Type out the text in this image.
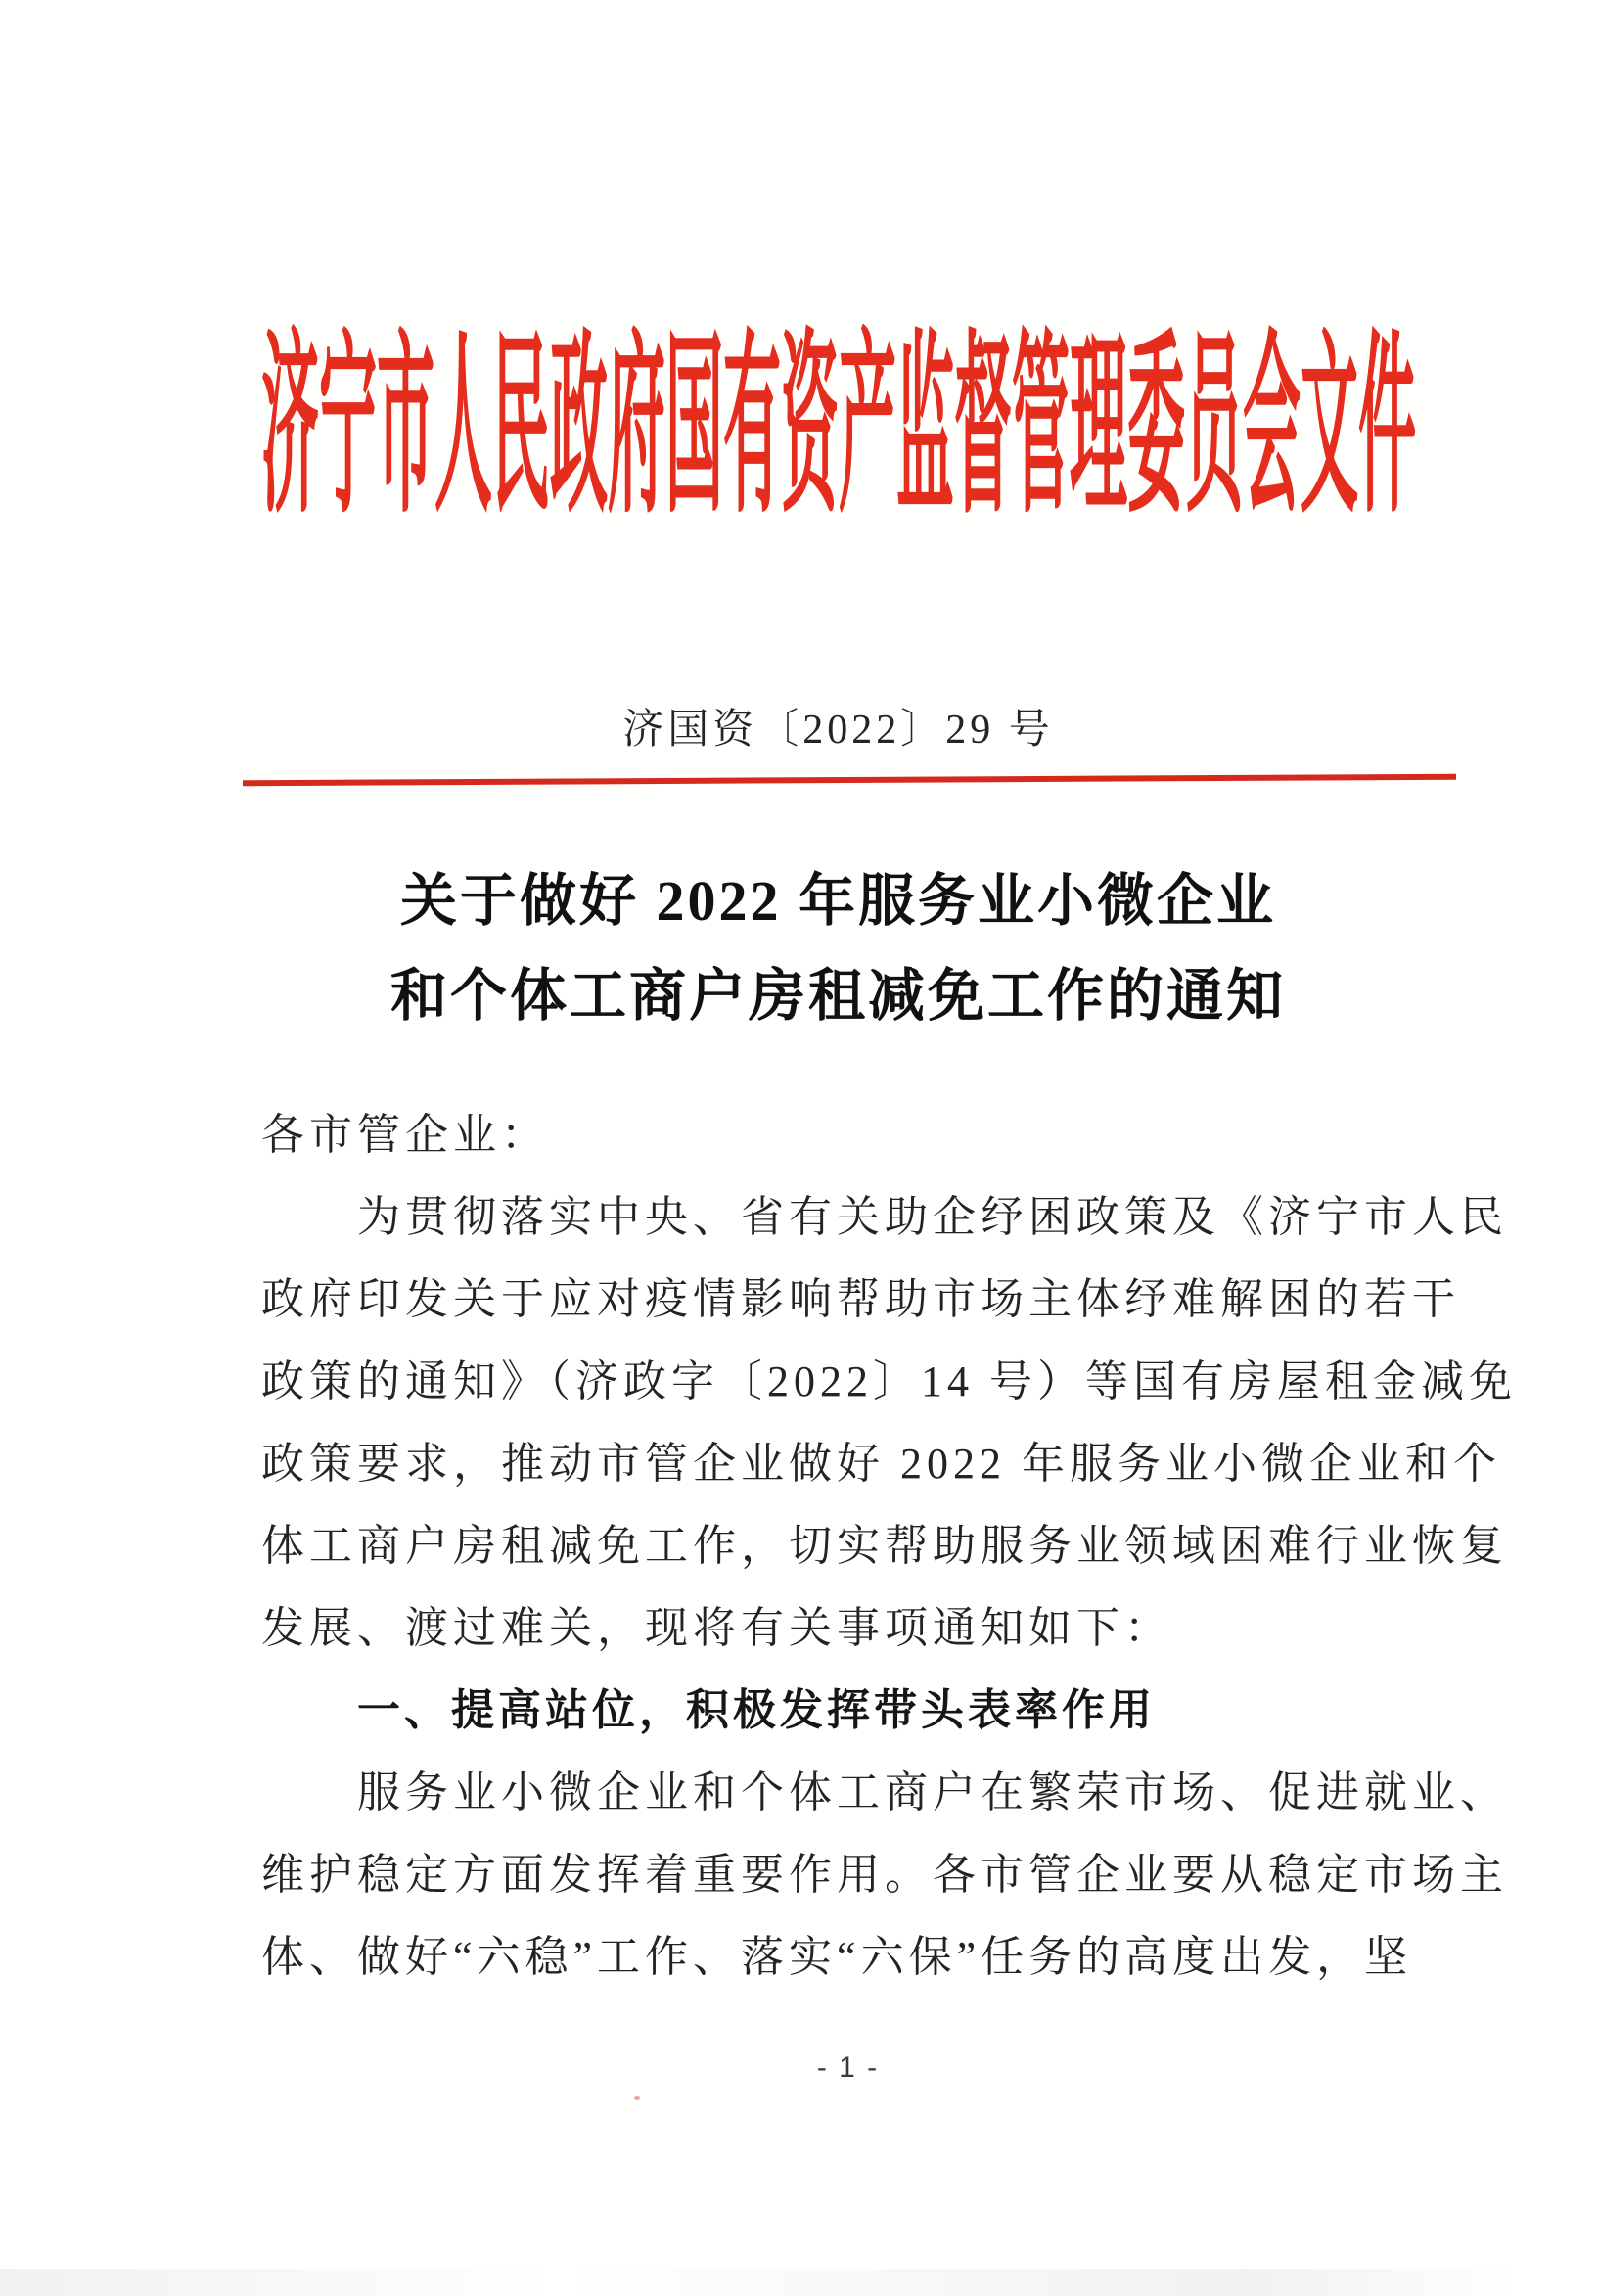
济宁市人民政府国有资产监督管理委员会文件
济国资〔2022〕29 号
关于做好 2022 年服务业小微企业
和个体工商户房租减免工作的通知
各市管企业：
为贯彻落实中央、省有关助企纾困政策及《济宁市人民
政府印发关于应对疫情影响帮助市场主体纾难解困的若干
政策的通知》（济政字〔2022〕14 号）等国有房屋租金减免
政策要求，推动市管企业做好 2022 年服务业小微企业和个
体工商户房租减免工作，切实帮助服务业领域困难行业恢复
发展、渡过难关，现将有关事项通知如下：
一、提高站位，积极发挥带头表率作用
服务业小微企业和个体工商户在繁荣市场、促进就业、
维护稳定方面发挥着重要作用。各市管企业要从稳定市场主
体、做好“六稳”工作、落实“六保”任务的高度出发，坚
- 1 -
